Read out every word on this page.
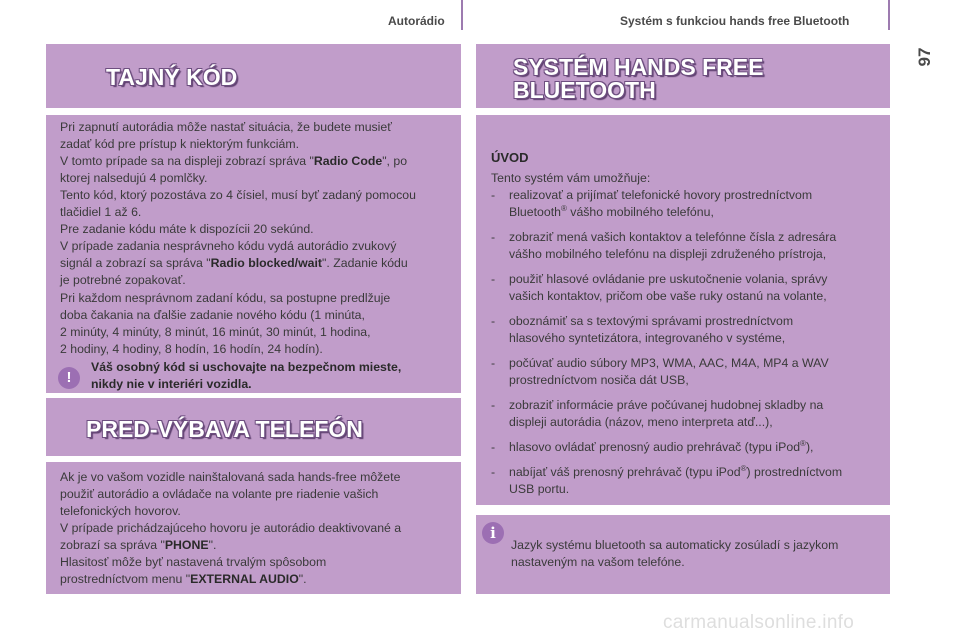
Autorádio	Systém s funkciou hands free Bluetooth
97
TAJNÝ KÓD

Pri zapnutí autorádia môže nastať situácia, že budete musieť

zadať kód pre prístup k niektorým funkciám.

V tomto prípade sa na displeji zobrazí správa "Radio Code", po

ktorej nalsedujú 4 pomlčky.

Tento kód, ktorý pozostáva zo 4 čísiel, musí byť zadaný pomocou

tlačidiel 1 až 6.

Pre zadanie kódu máte k dispozícii 20 sekúnd.

V prípade zadania nesprávneho kódu vydá autorádio zvukový

signál a zobrazí sa správa "Radio blocked/wait". Zadanie kódu

je potrebné zopakovať.

Pri každom nesprávnom zadaní kódu, sa postupne predlžuje

doba čakania na ďalšie zadanie nového kódu (1 minúta,

2 minúty, 4 minúty, 8 minút, 16 minút, 30 minút, 1 hodina,

2 hodiny, 4 hodiny, 8 hodín, 16 hodín, 24 hodín).

!

Váš osobný kód si uschovajte na bezpečnom mieste,

nikdy nie v interiéri vozidla.

PRED-VÝBAVA TELEFÓN

Ak je vo vašom vozidle nainštalovaná sada hands-free môžete

použiť autorádio a ovládače na volante pre riadenie vašich

telefonických hovorov.

V prípade prichádzajúceho hovoru je autorádio deaktivované a

zobrazí sa správa "PHONE".

Hlasitosť môže byť nastavená trvalým spôsobom

prostredníctvom menu "EXTERNAL AUDIO".

SYSTÉM HANDS FREE
BLUETOOTH
ÚVOD
Tento systém vám umožňuje:
- realizovať a prijímať telefonické hovory prostredníctvom
Bluetooth® vášho mobilného telefónu,
- zobraziť mená vašich kontaktov a telefónne čísla z adresára
vášho mobilného telefónu na displeji združeného prístroja,
- použiť hlasové ovládanie pre uskutočnenie volania, správy
vašich kontaktov, pričom obe vaše ruky ostanú na volante,
- oboznámiť sa s textovými správami prostredníctvom
hlasového syntetizátora, integrovaného v systéme,
- počúvať audio súbory MP3, WMA, AAC, M4A, MP4 a WAV
prostredníctvom nosiča dát USB,
- zobraziť informácie práve počúvanej hudobnej skladby na
displeji autorádia (názov, meno interpreta atď...),
- hlasovo ovládať prenosný audio prehrávač (typu iPod®),
- nabíjať váš prenosný prehrávač (typu iPod®) prostredníctvom
USB portu.
i

Jazyk systému bluetooth sa automaticky zosúladí s jazykom

nastaveným na vašom telefóne.

carmanualsonline.info
